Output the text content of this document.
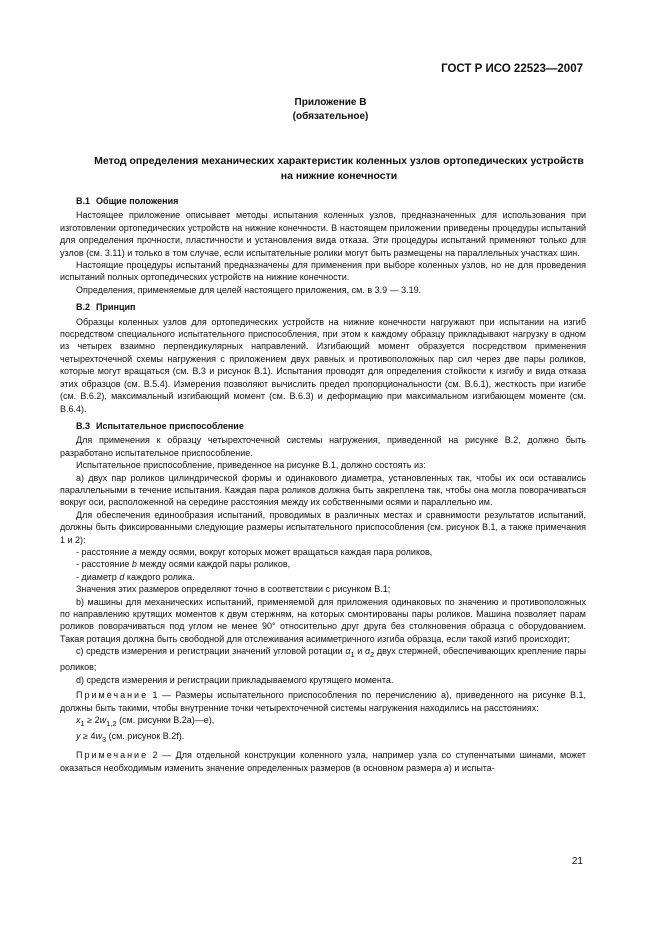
ГОСТ Р ИСО 22523—2007
Приложение В
(обязательное)
Метод определения механических характеристик коленных узлов ортопедических устройств
на нижние конечности

В.1 Общие положения

Настоящее приложение описывает методы испытания коленных узлов, предназначенных для использования при изготовлении ортопедических устройств на нижние конечности. В настоящем приложении приведены процедуры испытаний для определения прочности, пластичности и установления вида отказа. Эти процедуры испытаний применяют только для узлов (см. 3.11) и только в том случае, если испытательные ролики могут быть размещены на параллельных участках шин.

Настоящие процедуры испытаний предназначены для применения при выборе коленных узлов, но не для проведения испытаний полных ортопедических устройств на нижние конечности.

Определения, применяемые для целей настоящего приложения, см. в 3.9 — 3.19.

В.2 Принцип

Образцы коленных узлов для ортопедических устройств на нижние конечности нагружают при испытании на изгиб посредством специального испытательного приспособления, при этом к каждому образцу прикладывают нагрузку в одном из четырех взаимно перпендикулярных направлений. Изгибающий момент образуется посредством применения четырехточечной схемы нагружения с приложением двух равных и противоположных пар сил через две пары роликов, которые могут вращаться (см. В.3 и рисунок В.1). Испытания проводят для определения стойкости к изгибу и вида отказа этих образцов (см. В.5.4). Измерения позволяют вычислить предел пропорциональности (см. В.6.1), жесткость при изгибе (см. В.6.2), максимальный изгибающий момент (см. В.6.3) и деформацию при максимальном изгибающем моменте (см. В.6.4).

В.3 Испытательное приспособление

Для применения к образцу четырехточечной системы нагружения, приведенной на рисунке В.2, должно быть разработано испытательное приспособление.

Испытательное приспособление, приведенное на рисунке В.1, должно состоять из:

а) двух пар роликов цилиндрической формы и одинакового диаметра, установленных так, чтобы их оси оставались параллельными в течение испытания. Каждая пара роликов должна быть закреплена так, чтобы она могла поворачиваться вокруг оси, расположенной на середине расстояния между их собственными осями и параллельно им.

Для обеспечения единообразия испытаний, проводимых в различных местах и сравнимости результатов испытаний, должны быть фиксированными следующие размеры испытательного приспособления (см. рисунок В.1, а также примечания 1 и 2):

- расстояние a между осями, вокруг которых может вращаться каждая пара роликов,

- расстояние b между осями каждой пары роликов,

- диаметр d каждого ролика.

Значения этих размеров определяют точно в соответствии с рисунком В.1;

b) машины для механических испытаний, применяемой для приложения одинаковых по значению и противоположных по направлению крутящих моментов к двум стержням, на которых смонтированы пары роликов. Машина позволяет парам роликов поворачиваться под углом не менее 90° относительно друг друга без столкновения образца с оборудованием. Такая ротация должна быть свободной для отслеживания асимметричного изгиба образца, если такой изгиб происходит;

с) средств измерения и регистрации значений угловой ротации $\alpha_1$ и $\alpha_2$ двух стержней, обеспечивающих крепление пары роликов;

d) средств измерения и регистрации прикладываемого крутящего момента.

Примечание 1 — Размеры испытательного приспособления по перечислению а), приведенного на рисунке В.1, должны быть такими, чтобы внутренние точки четырехточечной системы нагружения находились на расстояниях:

$x_1 \ge 2w_{1,2}$ (см. рисунки В.2а)—е),

$y \ge 4w_3$ (см. рисунок В.2f).

Примечание 2 — Для отдельной конструкции коленного узла, например узла со ступенчатыми шинами, может оказаться необходимым изменить значение определенных размеров (в основном размера a) и испыта-

21
